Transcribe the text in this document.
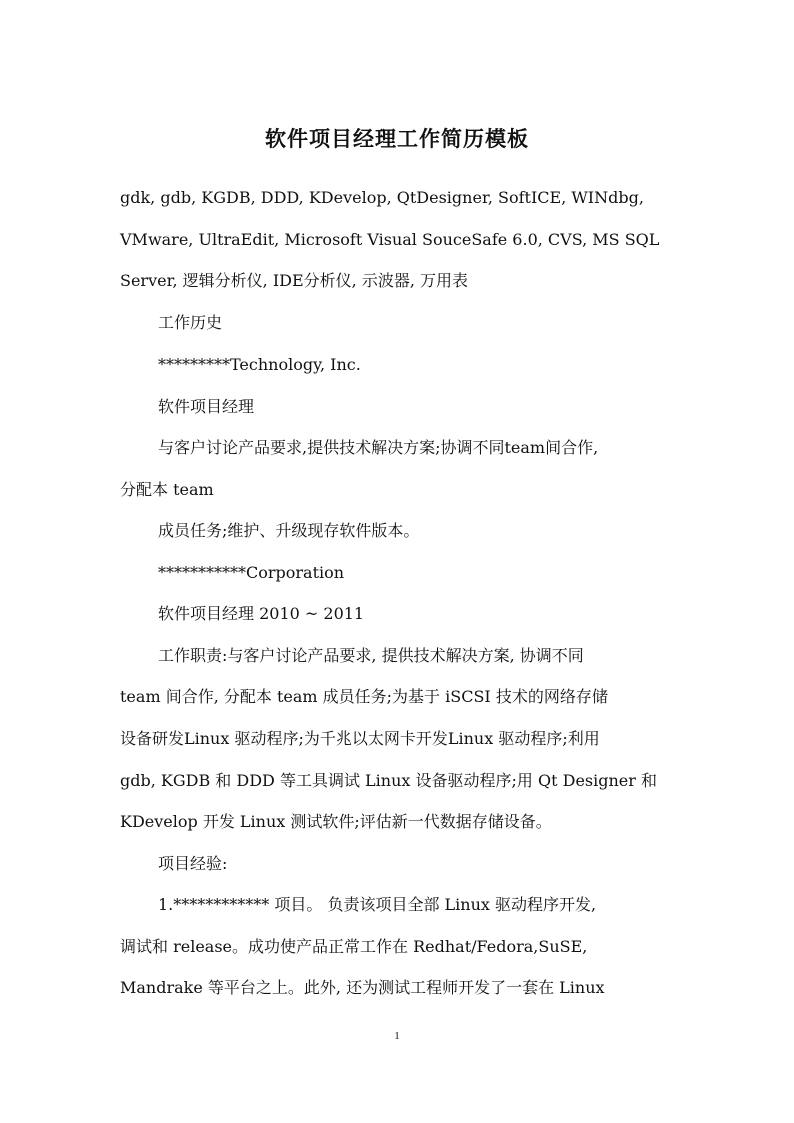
软件项目经理工作简历模板
gdk, gdb, KGDB, DDD, KDevelop, QtDesigner, SoftICE, WINdbg,
VMware, UltraEdit, Microsoft Visual SouceSafe 6.0, CVS, MS SQL
Server, 逻辑分析仪, IDE分析仪, 示波器, 万用表
工作历史
*********Technology, Inc.
软件项目经理
与客户讨论产品要求,提供技术解决方案;协调不同team间合作,
分配本 team
成员任务;维护、升级现存软件版本。
***********Corporation
软件项目经理 2010 ~ 2011
工作职责:与客户讨论产品要求, 提供技术解决方案, 协调不同
team 间合作, 分配本 team 成员任务;为基于 iSCSI 技术的网络存储
设备研发Linux 驱动程序;为千兆以太网卡开发Linux 驱动程序;利用
gdb, KGDB 和 DDD 等工具调试 Linux 设备驱动程序;用 Qt Designer 和
KDevelop 开发 Linux 测试软件;评估新一代数据存储设备。
项目经验:
1.************ 项目。 负责该项目全部 Linux 驱动程序开发,
调试和 release。成功使产品正常工作在 Redhat/Fedora,SuSE,
Mandrake 等平台之上。此外, 还为测试工程师开发了一套在 Linux
1
